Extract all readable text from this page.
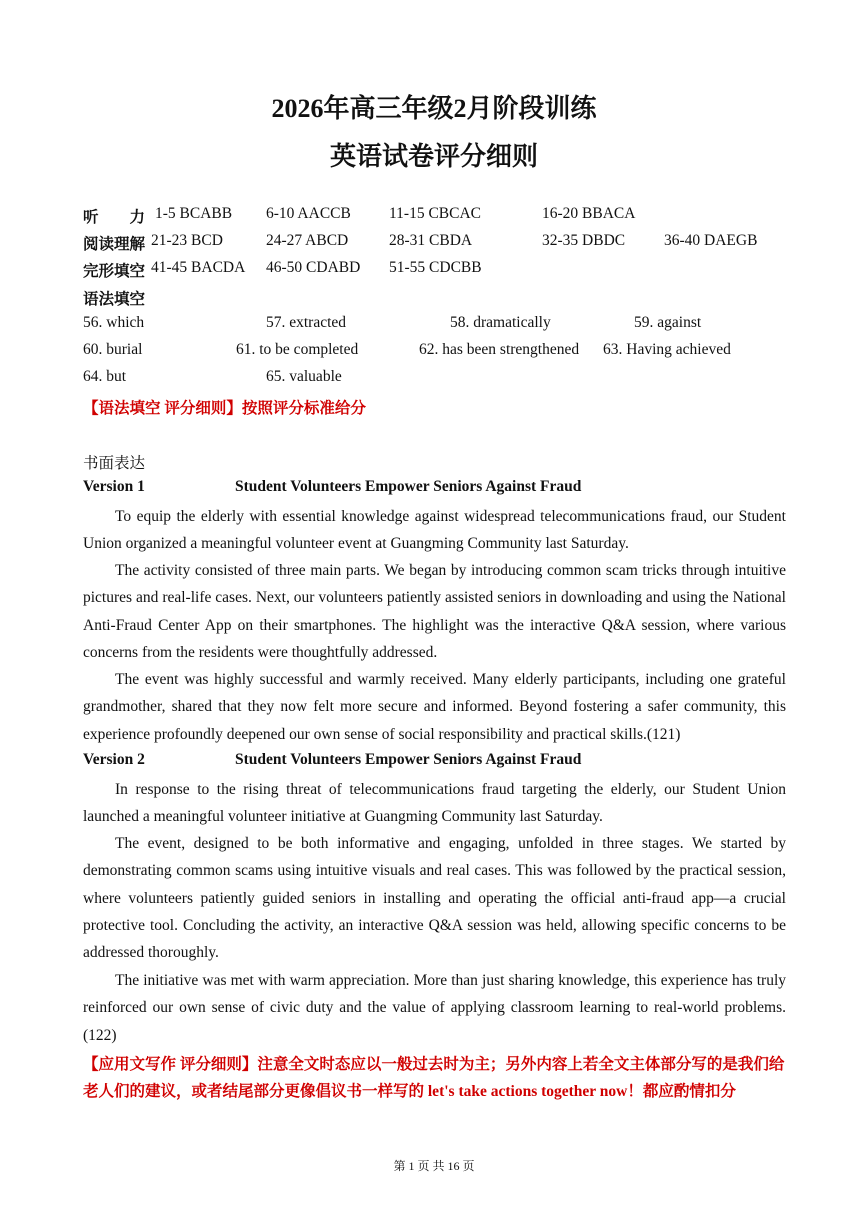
2026年高三年级2月阶段训练
英语试卷评分细则
听　　力 1-5 BCABB 6-10 AACCB 11-15 CBCAC	16-20 BBACA
阅读理解 21-23 BCD	24-27 ABCD	28-31 CBDA	32-35 DBDC	36-40 DAEGB
完形填空 41-45 BACDA 46-50 CDABD 51-55 CDCBB
语法填空
56. which	57. extracted	58. dramatically	59. against
60. burial	61. to be completed	62. has been strengthened 63. Having achieved
64. but	65. valuable
【语法填空 评分细则】按照评分标准给分
书面表达
Version 1	Student Volunteers Empower Seniors Against Fraud
To equip the elderly with essential knowledge against widespread telecommunications fraud, our Student Union organized a meaningful volunteer event at Guangming Community last Saturday.
The activity consisted of three main parts. We began by introducing common scam tricks through intuitive pictures and real-life cases. Next, our volunteers patiently assisted seniors in downloading and using the National Anti-Fraud Center App on their smartphones. The highlight was the interactive Q&A session, where various concerns from the residents were thoughtfully addressed.
The event was highly successful and warmly received. Many elderly participants, including one grateful grandmother, shared that they now felt more secure and informed. Beyond fostering a safer community, this experience profoundly deepened our own sense of social responsibility and practical skills.(121)
Version 2	Student Volunteers Empower Seniors Against Fraud
In response to the rising threat of telecommunications fraud targeting the elderly, our Student Union launched a meaningful volunteer initiative at Guangming Community last Saturday.
The event, designed to be both informative and engaging, unfolded in three stages. We started by demonstrating common scams using intuitive visuals and real cases. This was followed by the practical session, where volunteers patiently guided seniors in installing and operating the official anti-fraud app—a crucial protective tool. Concluding the activity, an interactive Q&A session was held, allowing specific concerns to be addressed thoroughly.
The initiative was met with warm appreciation. More than just sharing knowledge, this experience has truly reinforced our own sense of civic duty and the value of applying classroom learning to real-world problems.(122)
【应用文写作 评分细则】注意全文时态应以一般过去时为主；另外内容上若全文主体部分写的是我们给老人们的建议，或者结尾部分更像倡议书一样写的 let's take actions together now！都应酌情扣分
第 1 页 共 16 页
